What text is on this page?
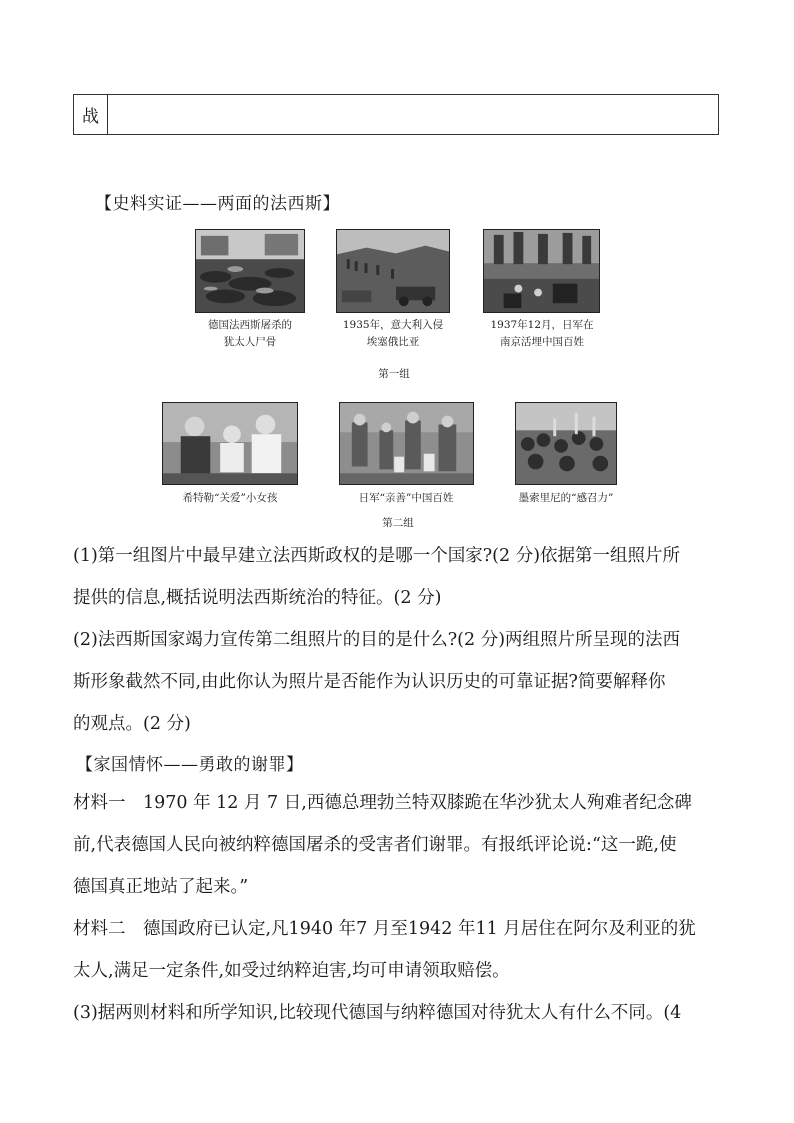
战
【史料实证——两面的法西斯】
德国法西斯屠杀的
犹太人尸骨
1935年，意大利入侵
埃塞俄比亚
1937年12月，日军在
南京活埋中国百姓
第一组
希特勒“关爱”小女孩	日军“亲善”中国百姓	墨索里尼的“感召力”
第二组
(1)第一组图片中最早建立法西斯政权的是哪一个国家?(2 分)依据第一组照片所
提供的信息,概括说明法西斯统治的特征。(2 分)
(2)法西斯国家竭力宣传第二组照片的目的是什么?(2 分)两组照片所呈现的法西
斯形象截然不同,由此你认为照片是否能作为认识历史的可靠证据?简要解释你
的观点。(2 分)
【家国情怀——勇敢的谢罪】
材料一　1970 年 12 月 7 日,西德总理勃兰特双膝跪在华沙犹太人殉难者纪念碑
前,代表德国人民向被纳粹德国屠杀的受害者们谢罪。有报纸评论说:“这一跪,使
德国真正地站了起来。”
材料二　德国政府已认定,凡1940 年7 月至1942 年11 月居住在阿尔及利亚的犹
太人,满足一定条件,如受过纳粹迫害,均可申请领取赔偿。
(3)据两则材料和所学知识,比较现代德国与纳粹德国对待犹太人有什么不同。(4
